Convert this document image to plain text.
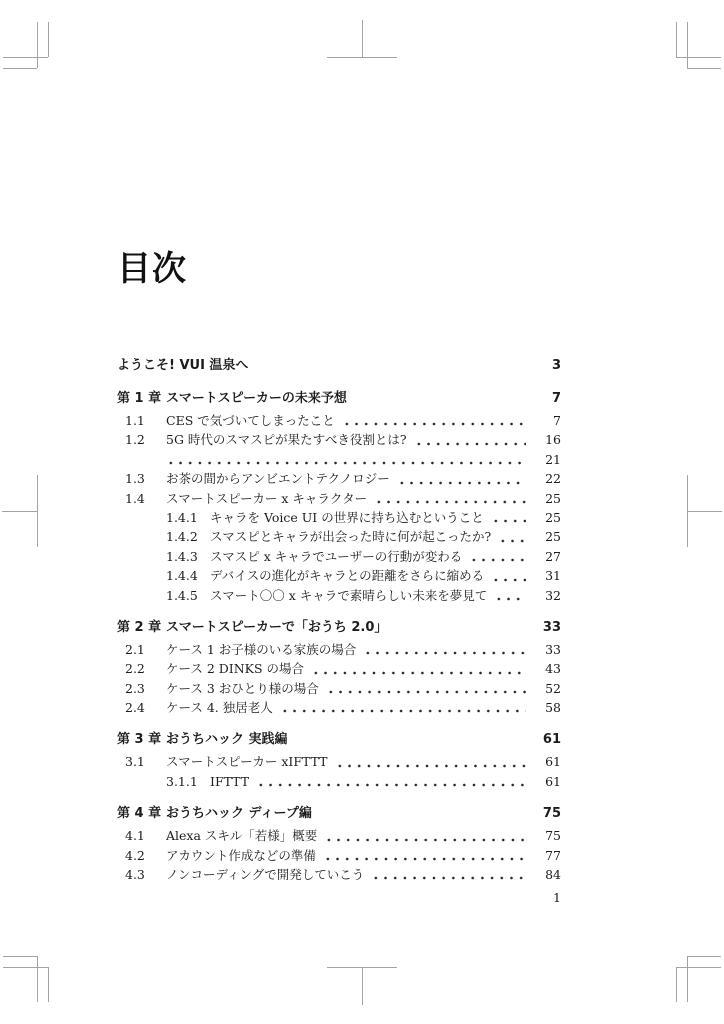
目次
ようこそ! VUI 温泉へ	3
第 1 章 スマートスピーカーの未来予想	7
1.1	CES で気づいてしまったこと	7
1.2	5G 時代のスマスピが果たすべき役割とは?	16
21
1.3	お茶の間からアンビエントテクノロジー	22
1.4	スマートスピーカー x キャラクター	25
1.4.1 キャラを Voice UI の世界に持ち込むということ	25
1.4.2 スマスピとキャラが出会った時に何が起こったか?	25
1.4.3 スマスピ x キャラでユーザーの行動が変わる	27
1.4.4 デバイスの進化がキャラとの距離をさらに縮める	31
1.4.5 スマート〇〇 x キャラで素晴らしい未来を夢見て	32
第 2 章 スマートスピーカーで「おうち 2.0」	33
2.1	ケース 1 お子様のいる家族の場合	33
2.2	ケース 2 DINKS の場合	43
2.3	ケース 3 おひとり様の場合	52
2.4	ケース 4. 独居老人	58
第 3 章 おうちハック 実践編	61
3.1	スマートスピーカー xIFTTT	61
3.1.1 IFTTT	61
第 4 章 おうちハック ディープ編	75
4.1	Alexa スキル「若様」概要	75
4.2	アカウント作成などの準備	77
4.3	ノンコーディングで開発していこう	84
1
